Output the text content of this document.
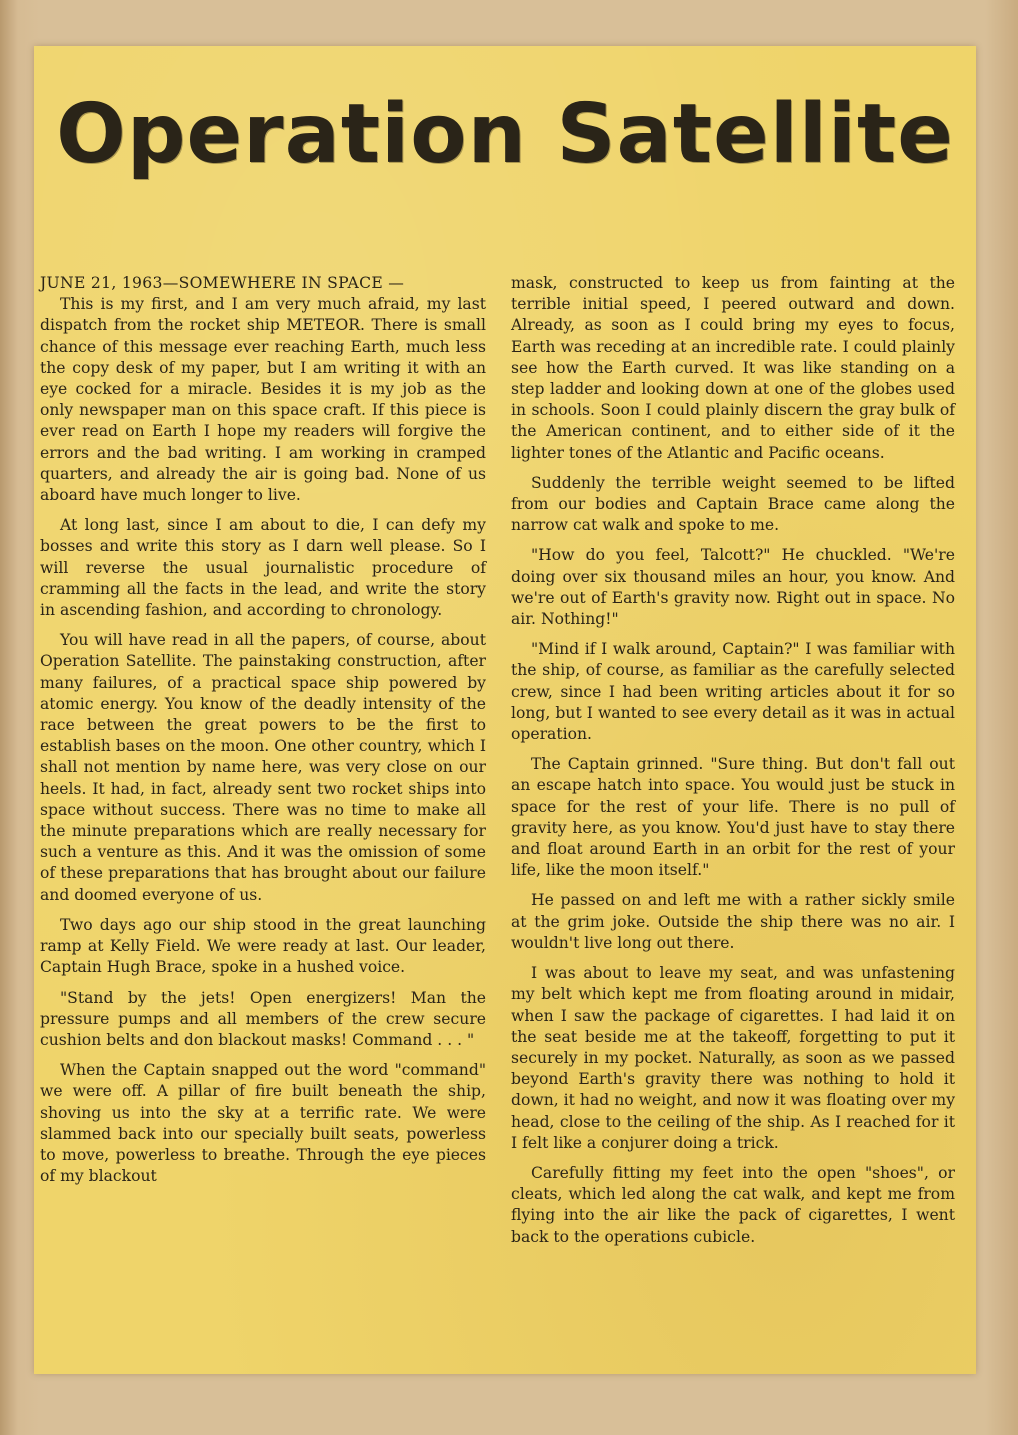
Operation Satellite

JUNE 21, 1963—SOMEWHERE IN SPACE —
This is my first, and I am very much afraid, my last dispatch from the rocket ship METEOR. There is small chance of this message ever reaching Earth, much less the copy desk of my paper, but I am writing it with an eye cocked for a miracle. Besides it is my job as the only newspaper man on this space craft. If this piece is ever read on Earth I hope my readers will forgive the errors and the bad writing. I am working in cramped quarters, and already the air is going bad. None of us aboard have much longer to live.

At long last, since I am about to die, I can defy my bosses and write this story as I darn well please. So I will reverse the usual journalistic procedure of cramming all the facts in the lead, and write the story in ascending fashion, and according to chronology.

You will have read in all the papers, of course, about Operation Satellite. The painstaking construction, after many failures, of a practical space ship powered by atomic energy. You know of the deadly intensity of the race between the great powers to be the first to establish bases on the moon. One other country, which I shall not mention by name here, was very close on our heels. It had, in fact, already sent two rocket ships into space without success. There was no time to make all the minute preparations which are really necessary for such a venture as this. And it was the omission of some of these preparations that has brought about our failure and doomed everyone of us.

Two days ago our ship stood in the great launching ramp at Kelly Field. We were ready at last. Our leader, Captain Hugh Brace, spoke in a hushed voice.

"Stand by the jets! Open energizers! Man the pressure pumps and all members of the crew secure cushion belts and don blackout masks! Command . . . "

When the Captain snapped out the word "command" we were off. A pillar of fire built beneath the ship, shoving us into the sky at a terrific rate. We were slammed back into our specially built seats, powerless to move, powerless to breathe. Through the eye pieces of my blackout

mask, constructed to keep us from fainting at the terrible initial speed, I peered outward and down. Already, as soon as I could bring my eyes to focus, Earth was receding at an incredible rate. I could plainly see how the Earth curved. It was like standing on a step ladder and looking down at one of the globes used in schools. Soon I could plainly discern the gray bulk of the American continent, and to either side of it the lighter tones of the Atlantic and Pacific oceans.

Suddenly the terrible weight seemed to be lifted from our bodies and Captain Brace came along the narrow cat walk and spoke to me.

"How do you feel, Talcott?" He chuckled. "We're doing over six thousand miles an hour, you know. And we're out of Earth's gravity now. Right out in space. No air. Nothing!"

"Mind if I walk around, Captain?" I was familiar with the ship, of course, as familiar as the carefully selected crew, since I had been writing articles about it for so long, but I wanted to see every detail as it was in actual operation.

The Captain grinned. "Sure thing. But don't fall out an escape hatch into space. You would just be stuck in space for the rest of your life. There is no pull of gravity here, as you know. You'd just have to stay there and float around Earth in an orbit for the rest of your life, like the moon itself."

He passed on and left me with a rather sickly smile at the grim joke. Outside the ship there was no air. I wouldn't live long out there.

I was about to leave my seat, and was unfastening my belt which kept me from floating around in midair, when I saw the package of cigarettes. I had laid it on the seat beside me at the takeoff, forgetting to put it securely in my pocket. Naturally, as soon as we passed beyond Earth's gravity there was nothing to hold it down, it had no weight, and now it was floating over my head, close to the ceiling of the ship. As I reached for it I felt like a conjurer doing a trick.

Carefully fitting my feet into the open "shoes", or cleats, which led along the cat walk, and kept me from flying into the air like the pack of cigarettes, I went back to the operations cubicle.
